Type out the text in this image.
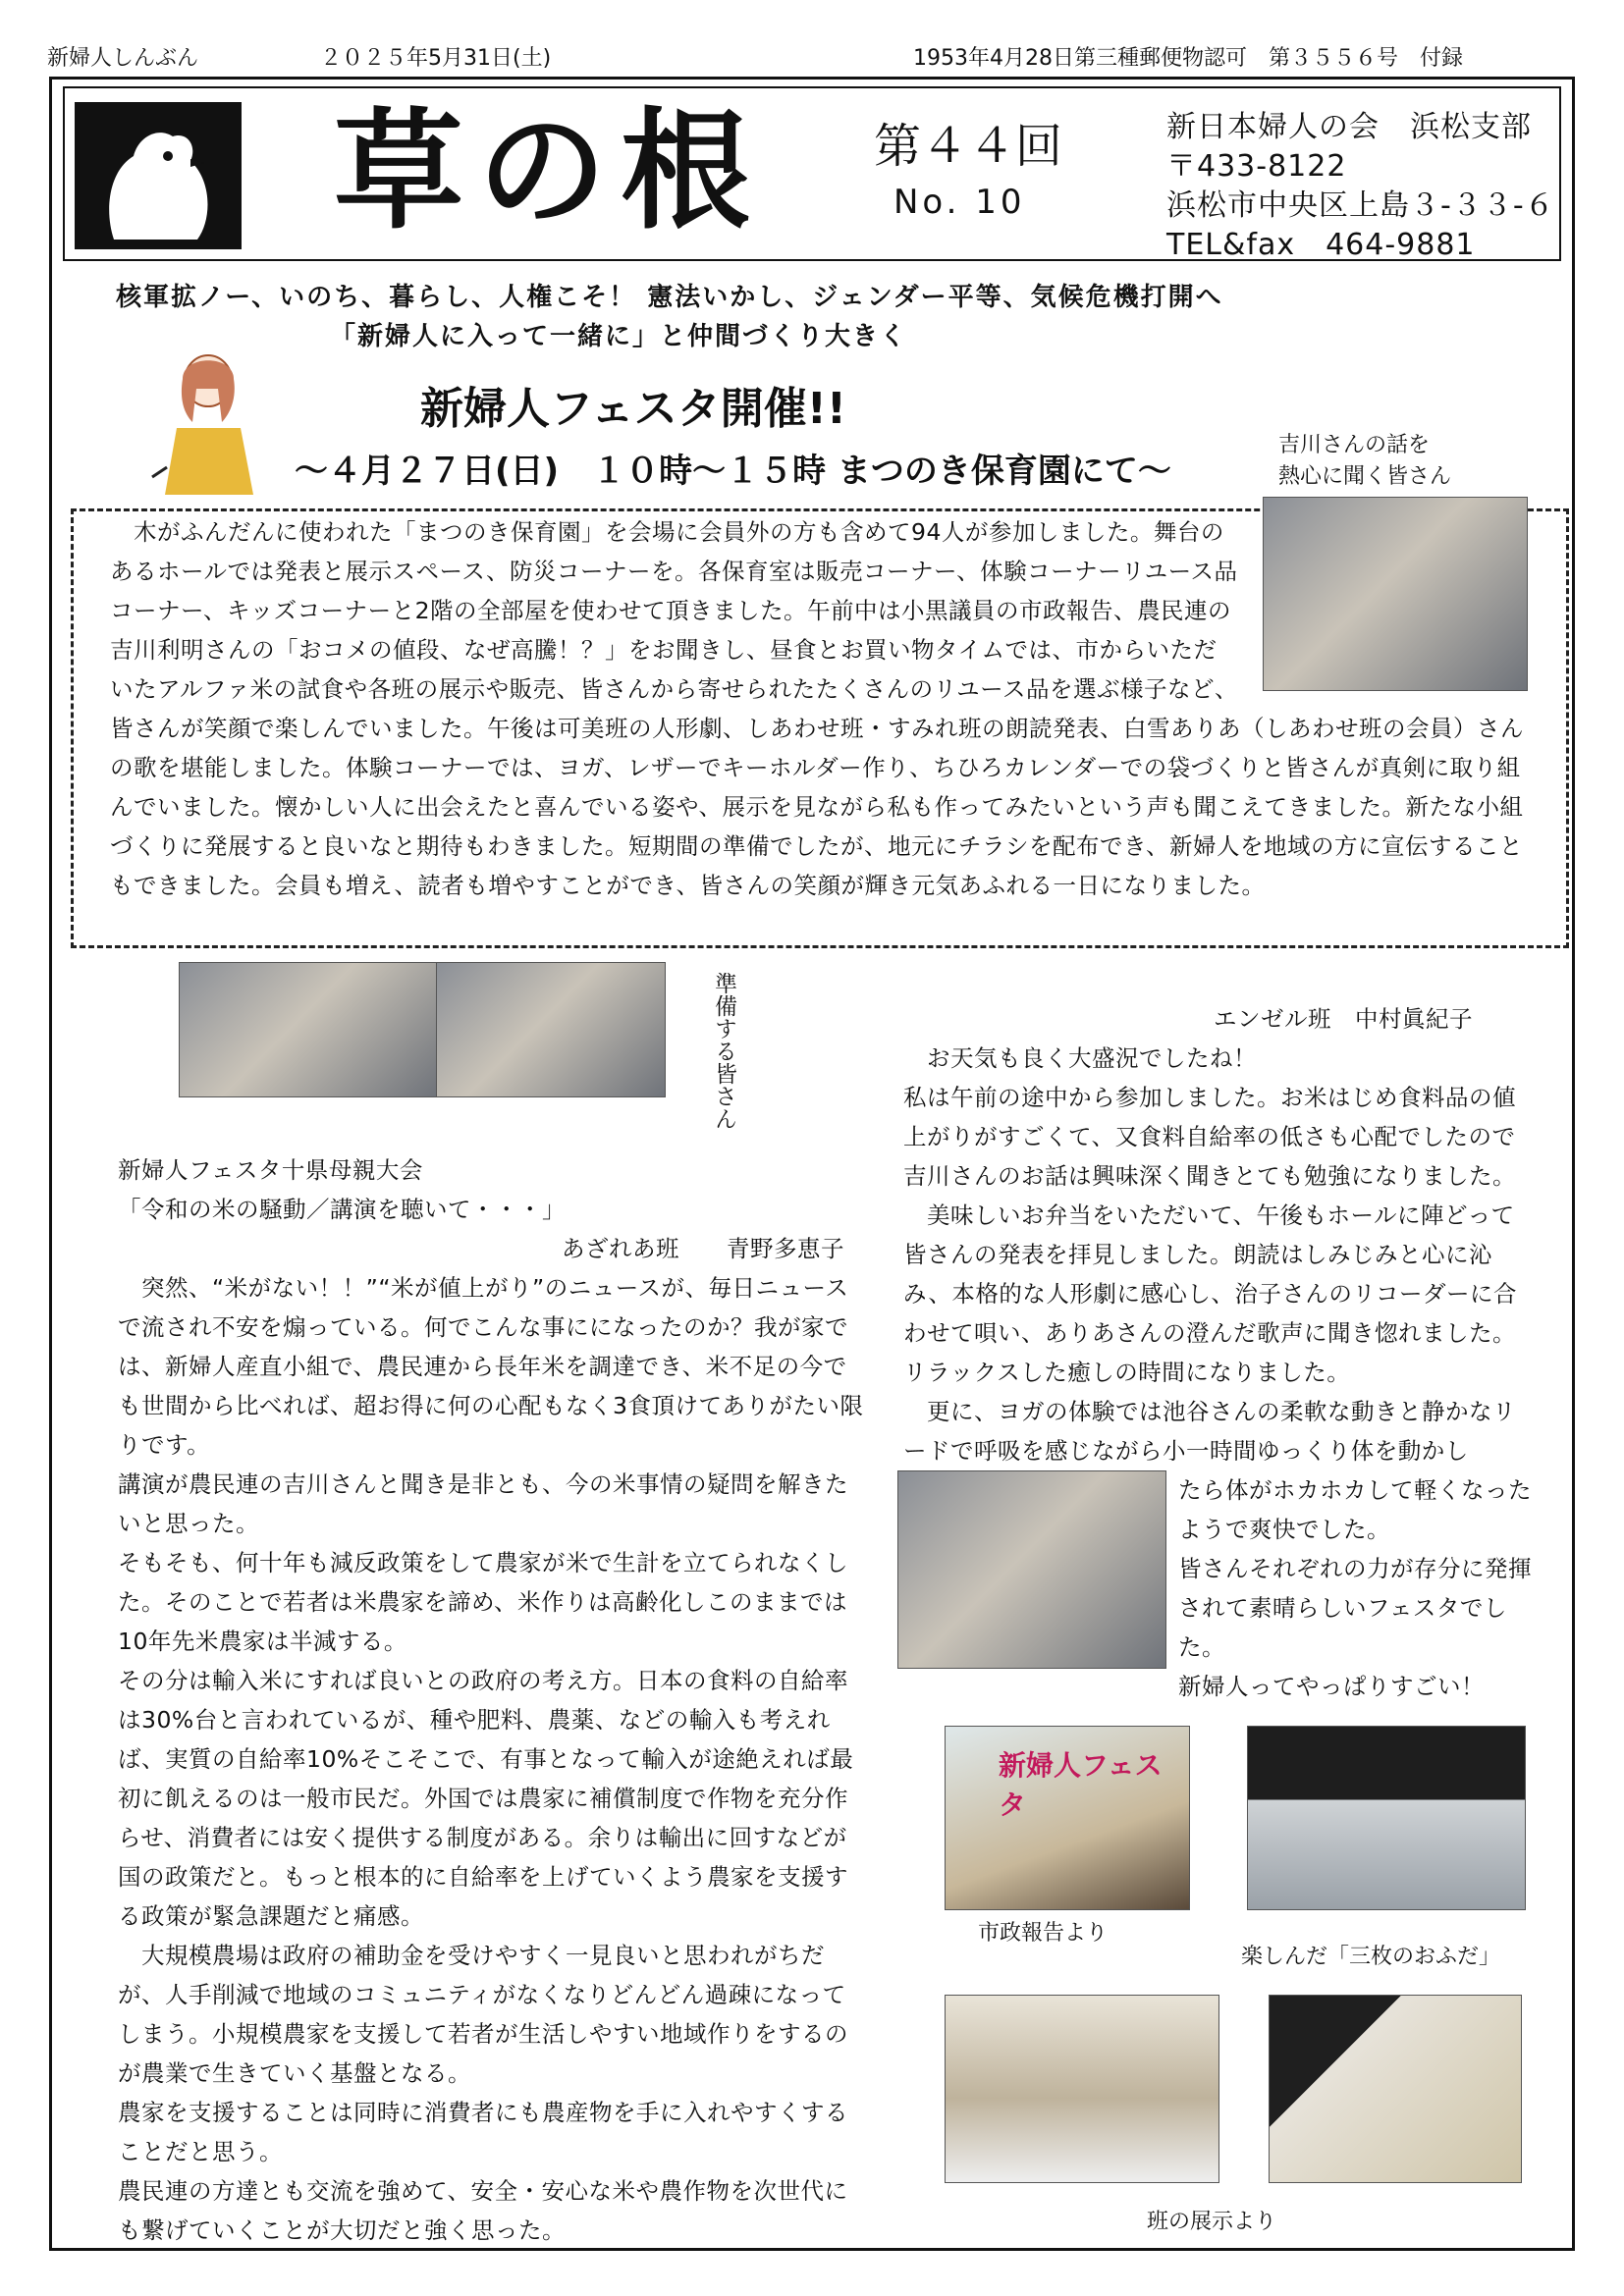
新婦人しんぶん	２０２５年5月31日(土)	1953年4月28日第三種郵便物認可　第３５５６号　付録
草の根 第４４回
No. 10
新日本婦人の会　浜松支部
〒433-8122
浜松市中央区上島３-３３-６
TEL&fax　464-9881
核軍拡ノー、いのち、暮らし、人権こそ！ 憲法いかし、ジェンダー平等、気候危機打開へ
「新婦人に入って一緒に」と仲間づくり大きく
新婦人フェスタ開催!!
～４月２７日(日)　１０時～１５時 まつのき保育園にて～
吉川さんの話を
熱心に聞く皆さん
　木がふんだんに使われた「まつのき保育園」を会場に会員外の方も含めて94人が参加しました。舞台のあるホールでは発表と展示スペース、防災コーナーを。各保育室は販売コーナー、体験コーナーリユース品コーナー、キッズコーナーと2階の全部屋を使わせて頂きました。午前中は小黒議員の市政報告、農民連の吉川利明さんの「おコメの値段、なぜ高騰！？」をお聞きし、昼食とお買い物タイムでは、市からいただいたアルファ米の試食や各班の展示や販売、皆さんから寄せられたたくさんのリユース品を選ぶ様子など、皆さんが笑顔で楽しんでいました。午後は可美班の人形劇、しあわせ班・すみれ班の朗読発表、白雪ありあ（しあわせ班の会員）さんの歌を堪能しました。体験コーナーでは、ヨガ、レザーでキーホルダー作り、ちひろカレンダーでの袋づくりと皆さんが真剣に取り組んでいました。懐かしい人に出会えたと喜んでいる姿や、展示を見ながら私も作ってみたいという声も聞こえてきました。新たな小組づくりに発展すると良いなと期待もわきました。短期間の準備でしたが、地元にチラシを配布でき、新婦人を地域の方に宣伝することもできました。会員も増え、読者も増やすことができ、皆さんの笑顔が輝き元気あふれる一日になりました。
準備する皆さん

新婦人フェスタ十県母親大会

「令和の米の騒動／講演を聴いて・・・」

あざれあ班　　青野多恵子

　突然、“米がない！！”“米が値上がり”のニュースが、毎日ニュースで流され不安を煽っている。何でこんな事にになったのか？我が家では、新婦人産直小組で、農民連から長年米を調達でき、米不足の今でも世間から比べれば、超お得に何の心配もなく3食頂けてありがたい限りです。

講演が農民連の吉川さんと聞き是非とも、今の米事情の疑問を解きたいと思った。

そもそも、何十年も減反政策をして農家が米で生計を立てられなくした。そのことで若者は米農家を諦め、米作りは高齢化しこのままでは10年先米農家は半減する。

その分は輸入米にすれば良いとの政府の考え方。日本の食料の自給率は30%台と言われているが、種や肥料、農薬、などの輸入も考えれば、実質の自給率10%そこそこで、有事となって輸入が途絶えれば最初に飢えるのは一般市民だ。外国では農家に補償制度で作物を充分作らせ、消費者には安く提供する制度がある。余りは輸出に回すなどが国の政策だと。もっと根本的に自給率を上げていくよう農家を支援する政策が緊急課題だと痛感。

　大規模農場は政府の補助金を受けやすく一見良いと思われがちだが、人手削減で地域のコミュニティがなくなりどんどん過疎になってしまう。小規模農家を支援して若者が生活しやすい地域作りをするのが農業で生きていく基盤となる。

農家を支援することは同時に消費者にも農産物を手に入れやすくすることだと思う。

農民連の方達とも交流を強めて、安全・安心な米や農作物を次世代にも繋げていくことが大切だと強く思った。

エンゼル班　中村眞紀子

　お天気も良く大盛況でしたね！

私は午前の途中から参加しました。お米はじめ食料品の値上がりがすごくて、又食料自給率の低さも心配でしたので吉川さんのお話は興味深く聞きとても勉強になりました。

　美味しいお弁当をいただいて、午後もホールに陣どって皆さんの発表を拝見しました。朗読はしみじみと心に沁み、本格的な人形劇に感心し、治子さんのリコーダーに合わせて唄い、ありあさんの澄んだ歌声に聞き惚れました。リラックスした癒しの時間になりました。

　更に、ヨガの体験では池谷さんの柔軟な動きと静かなリードで呼吸を感じながら小一時間ゆっくり体を動かし

たら体がホカホカして軽くなったようで爽快でした。

皆さんそれぞれの力が存分に発揮されて素晴らしいフェスタでした。

新婦人ってやっぱりすごい！

新婦人フェスタ
市政報告より
楽しんだ「三枚のおふだ」
班の展示より
